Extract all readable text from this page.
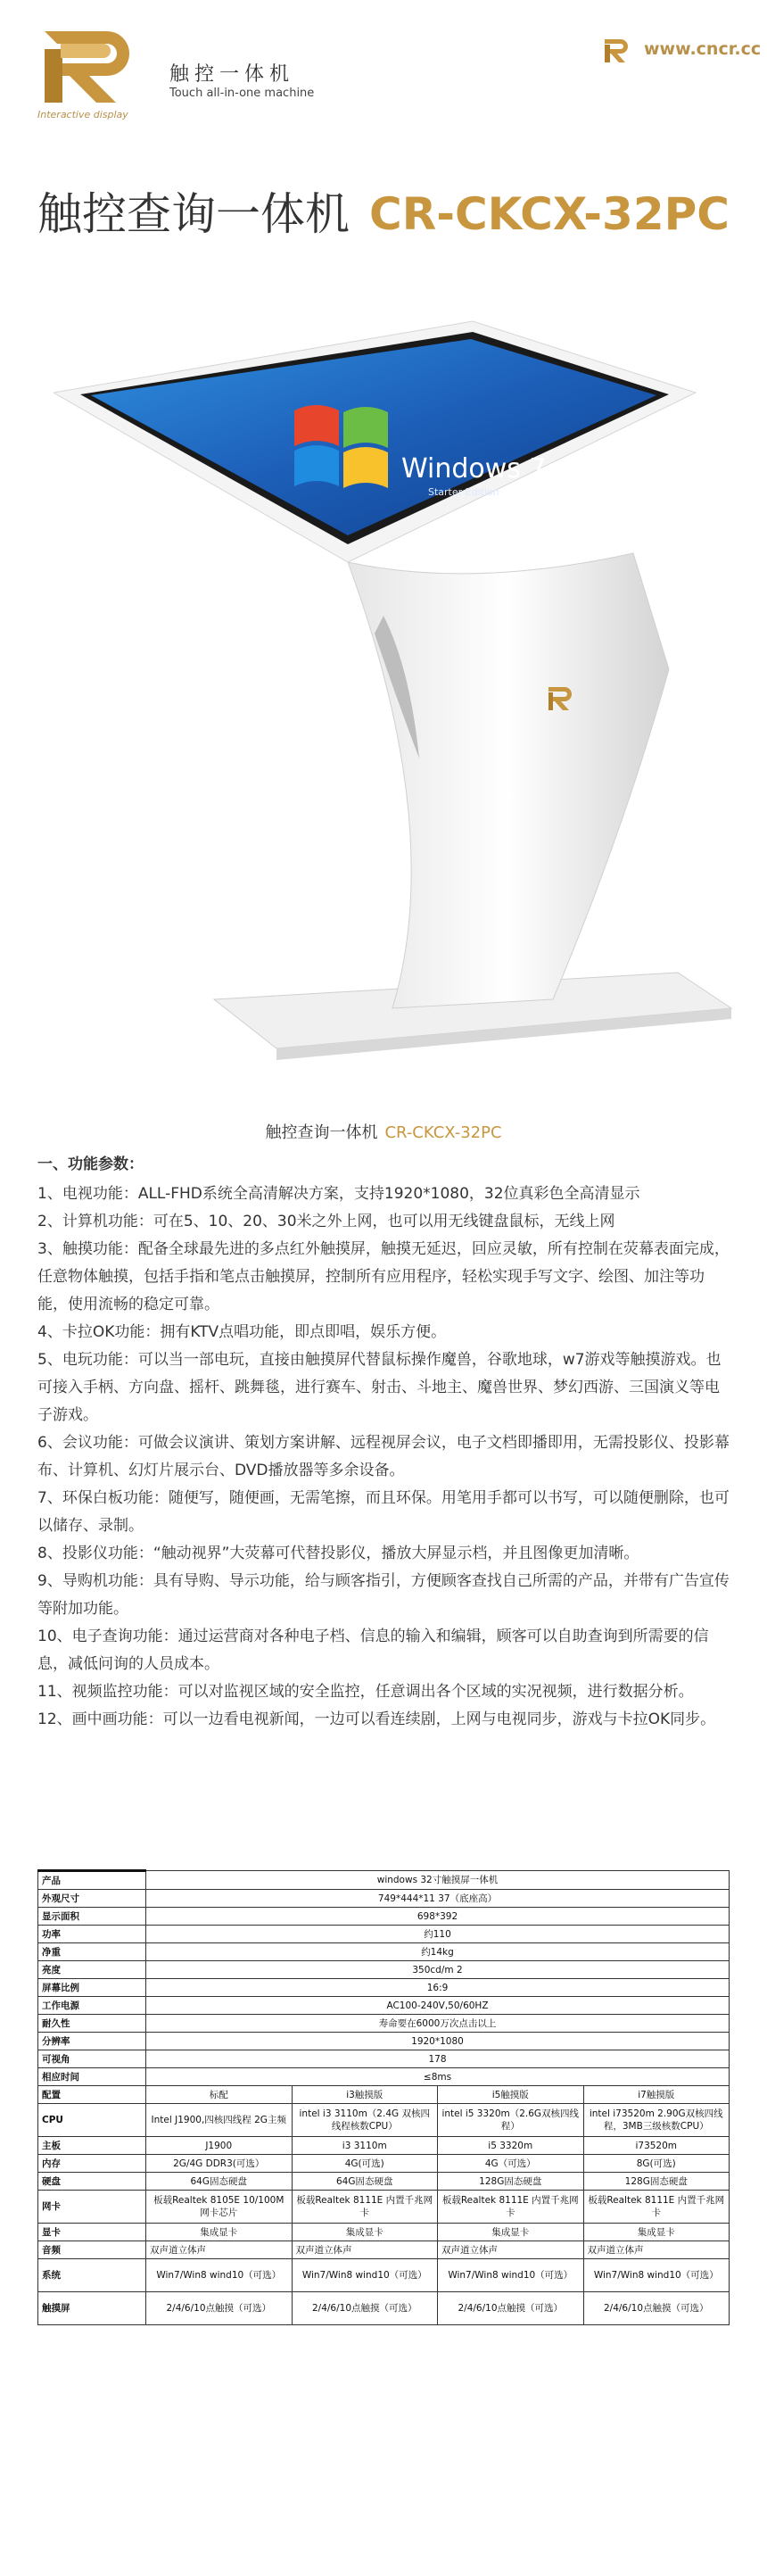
Interactive display
触控一体机
Touch all-in-one machine
www.cncr.cc
触控查询一体机 CR-CKCX-32PC
Windows 7
Starter Edition
触控查询一体机 CR-CKCX-32PC
一、功能参数：

1、电视功能：ALL-FHD系统全高清解决方案，支持1920*1080，32位真彩色全高清显示

2、计算机功能：可在5、10、20、30米之外上网，也可以用无线键盘鼠标，无线上网

3、触摸功能：配备全球最先进的多点红外触摸屏，触摸无延迟，回应灵敏，所有控制在荧幕表面完成，任意物体触摸，包括手指和笔点击触摸屏，控制所有应用程序，轻松实现手写文字、绘图、加注等功能，使用流畅的稳定可靠。

4、卡拉OK功能：拥有KTV点唱功能，即点即唱，娱乐方便。

5、电玩功能：可以当一部电玩，直接由触摸屏代替鼠标操作魔兽，谷歌地球，w7游戏等触摸游戏。也可接入手柄、方向盘、摇杆、跳舞毯，进行赛车、射击、斗地主、魔兽世界、梦幻西游、三国演义等电子游戏。

6、会议功能：可做会议演讲、策划方案讲解、远程视屏会议，电子文档即播即用，无需投影仪、投影幕布、计算机、幻灯片展示台、DVD播放器等多余设备。

7、环保白板功能：随便写，随便画，无需笔擦，而且环保。用笔用手都可以书写，可以随便删除，也可以储存、录制。

8、投影仪功能：“触动视界”大荧幕可代替投影仪，播放大屏显示档，并且图像更加清晰。

9、导购机功能：具有导购、导示功能，给与顾客指引，方便顾客查找自己所需的产品，并带有广告宣传等附加功能。

10、电子查询功能：通过运营商对各种电子档、信息的输入和编辑，顾客可以自助查询到所需要的信息，减低问询的人员成本。

11、视频监控功能：可以对监视区域的安全监控，任意调出各个区域的实况视频，进行数据分析。

12、画中画功能：可以一边看电视新闻，一边可以看连续剧，上网与电视同步，游戏与卡拉OK同步。

产品	windows 32寸触摸屏一体机			
外观尺寸	749*444*11 37（底座高）			
显示面积	698*392			
功率	约110			
净重	约14kg			
亮度	350cd/m 2			
屏幕比例	16:9			
工作电源	AC100-240V,50/60HZ			
耐久性	寿命要在6000万次点击以上			
分辨率	1920*1080			
可视角	178			
相应时间	≤8ms			
配置	标配	i3触摸版	i5触摸版	i7触摸版
CPU	Intel J1900,四核四线程 2G主频	intel i3 3110m（2.4G 双核四线程核数CPU）	intel i5 3320m（2.6G双核四线程）	intel i73520m 2.90G双核四线程，3MB三级核数CPU）
主板	J1900	i3 3110m	i5 3320m	i73520m
内存	2G/4G DDR3(可选）	4G(可选)	4G（可选）	8G(可选)
硬盘	64G固态硬盘	64G固态硬盘	128G固态硬盘	128G固态硬盘
网卡	板载Realtek 8105E 10/100M网卡芯片	板载Realtek 8111E 内置千兆网卡	板载Realtek 8111E 内置千兆网卡	板载Realtek 8111E 内置千兆网卡
显卡	集成显卡	集成显卡	集成显卡	集成显卡
音频	双声道立体声	双声道立体声	双声道立体声	双声道立体声
系统	Win7/Win8 wind10（可选）	Win7/Win8 wind10（可选）	Win7/Win8 wind10（可选）	Win7/Win8 wind10（可选）
触摸屏	2/4/6/10点触摸（可选）	2/4/6/10点触摸（可选）	2/4/6/10点触摸（可选）	2/4/6/10点触摸（可选）
